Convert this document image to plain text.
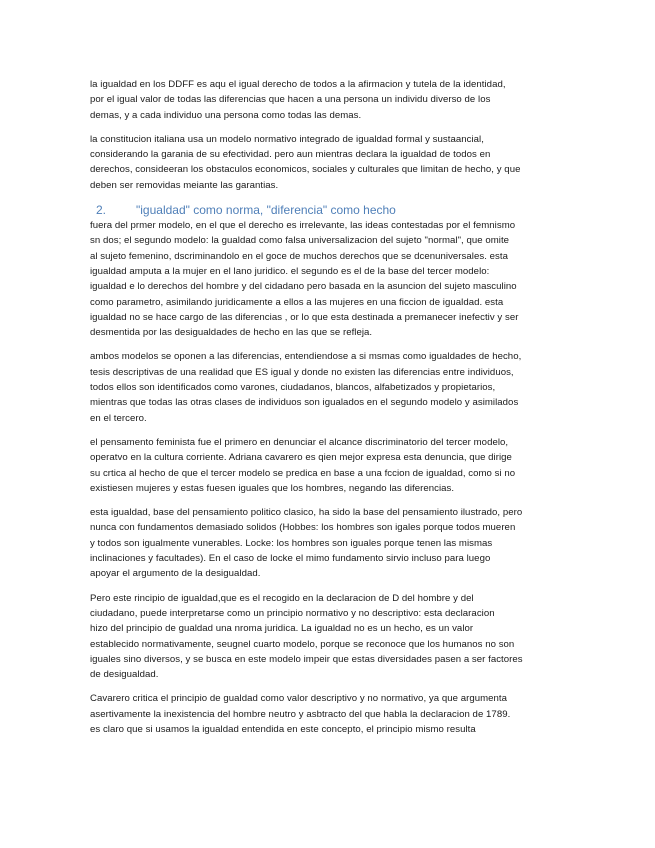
la igualdad en los DDFF es aqu el igual derecho de todos a la afirmacion y tutela de la identidad,
por el igual valor de todas las diferencias que hacen a una persona un individu diverso de los
demas, y a cada individuo una persona como todas las demas.

la constitucion italiana usa un modelo normativo integrado de igualdad formal y sustaancial,
considerando la garania de su efectividad. pero aun mientras declara la igualdad de todos en
derechos, consideeran los obstaculos economicos, sociales y culturales que limitan de hecho, y que
deben ser removidas meiante las garantias.

2. "igualdad" como norma, "diferencia" como hecho

fuera del prmer modelo, en el que el derecho es irrelevante, las ideas contestadas por el femnismo
sn dos; el segundo modelo: la gualdad como falsa universalizacion del sujeto "normal", que omite
al sujeto femenino, dscriminandolo en el goce de muchos derechos que se dcenuniversales. esta
igualdad amputa a la mujer en el lano juridico. el segundo es el de la base del tercer modelo:
igualdad e lo derechos del hombre y del cidadano pero basada en la asuncion del sujeto masculino
como parametro, asimilando juridicamente a ellos a las mujeres en una ficcion de igualdad. esta
igualdad no se hace cargo de las diferencias , or lo que esta destinada a premanecer inefectiv y ser
desmentida por las desigualdades de hecho en las que se refleja.

ambos modelos se oponen a las diferencias, entendiendose a si msmas como igualdades de hecho,
tesis descriptivas de una realidad que ES igual y donde no existen las diferencias entre individuos,
todos ellos son identificados como varones, ciudadanos, blancos, alfabetizados y propietarios,
mientras que todas las otras clases de individuos son igualados en el segundo modelo y asimilados
en el tercero.

el pensamento feminista fue el primero en denunciar el alcance discriminatorio del tercer modelo,
operatvo en la cultura corriente. Adriana cavarero es qien mejor expresa esta denuncia, que dirige
su crtica al hecho de que el tercer modelo se predica en base a una fccion de igualdad, como si no
existiesen mujeres y estas fuesen iguales que los hombres, negando las diferencias.

esta igualdad, base del pensamiento politico clasico, ha sido la base del pensamiento ilustrado, pero
nunca con fundamentos demasiado solidos (Hobbes: los hombres son igales porque todos mueren
y todos son igualmente vunerables. Locke: los hombres son iguales porque tenen las mismas
inclinaciones y facultades). En el caso de locke el mimo fundamento sirvio incluso para luego
apoyar el argumento de la desigualdad.

Pero este rincipio de igualdad,que es el recogido en la declaracion de D del hombre y del
ciudadano, puede interpretarse como un principio normativo y no descriptivo: esta declaracion
hizo del principio de gualdad una nroma juridica. La igualdad no es un hecho, es un valor
establecido normativamente, seugnel cuarto modelo, porque se reconoce que los humanos no son
iguales sino diversos, y se busca en este modelo impeir que estas diversidades pasen a ser factores
de desigualdad.

Cavarero critica el principio de gualdad como valor descriptivo y no normativo, ya que argumenta
asertivamente la inexistencia del hombre neutro y asbtracto del que habla la declaracion de 1789.
es claro que si usamos la igualdad entendida en este concepto, el principio mismo resulta
